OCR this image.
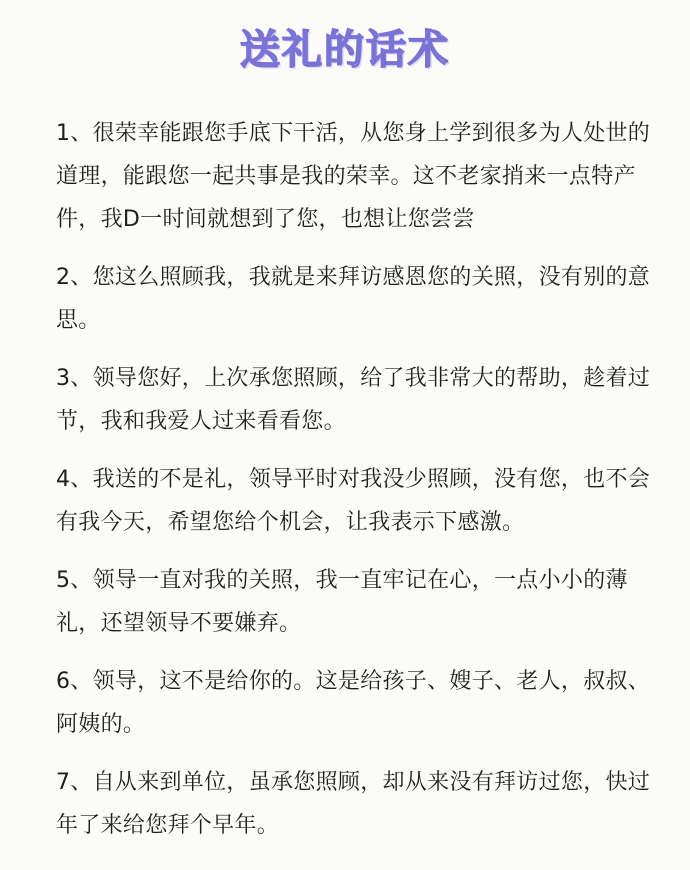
送礼的话术
1、很荣幸能跟您手底下干活，从您身上学到很多为人处世的道理，能跟您一起共事是我的荣幸。这不老家捎来一点特产件，我D一时间就想到了您，也想让您尝尝
2、您这么照顾我，我就是来拜访感恩您的关照，没有别的意思。
3、领导您好，上次承您照顾，给了我非常大的帮助，趁着过节，我和我爱人过来看看您。
4、我送的不是礼，领导平时对我没少照顾，没有您，也不会有我今天，希望您给个机会，让我表示下感激。
5、领导一直对我的关照，我一直牢记在心，一点小小的薄礼，还望领导不要嫌弃。
6、领导，这不是给你的。这是给孩子、嫂子、老人，叔叔、阿姨的。
7、自从来到单位，虽承您照顾，却从来没有拜访过您，快过年了来给您拜个早年。
